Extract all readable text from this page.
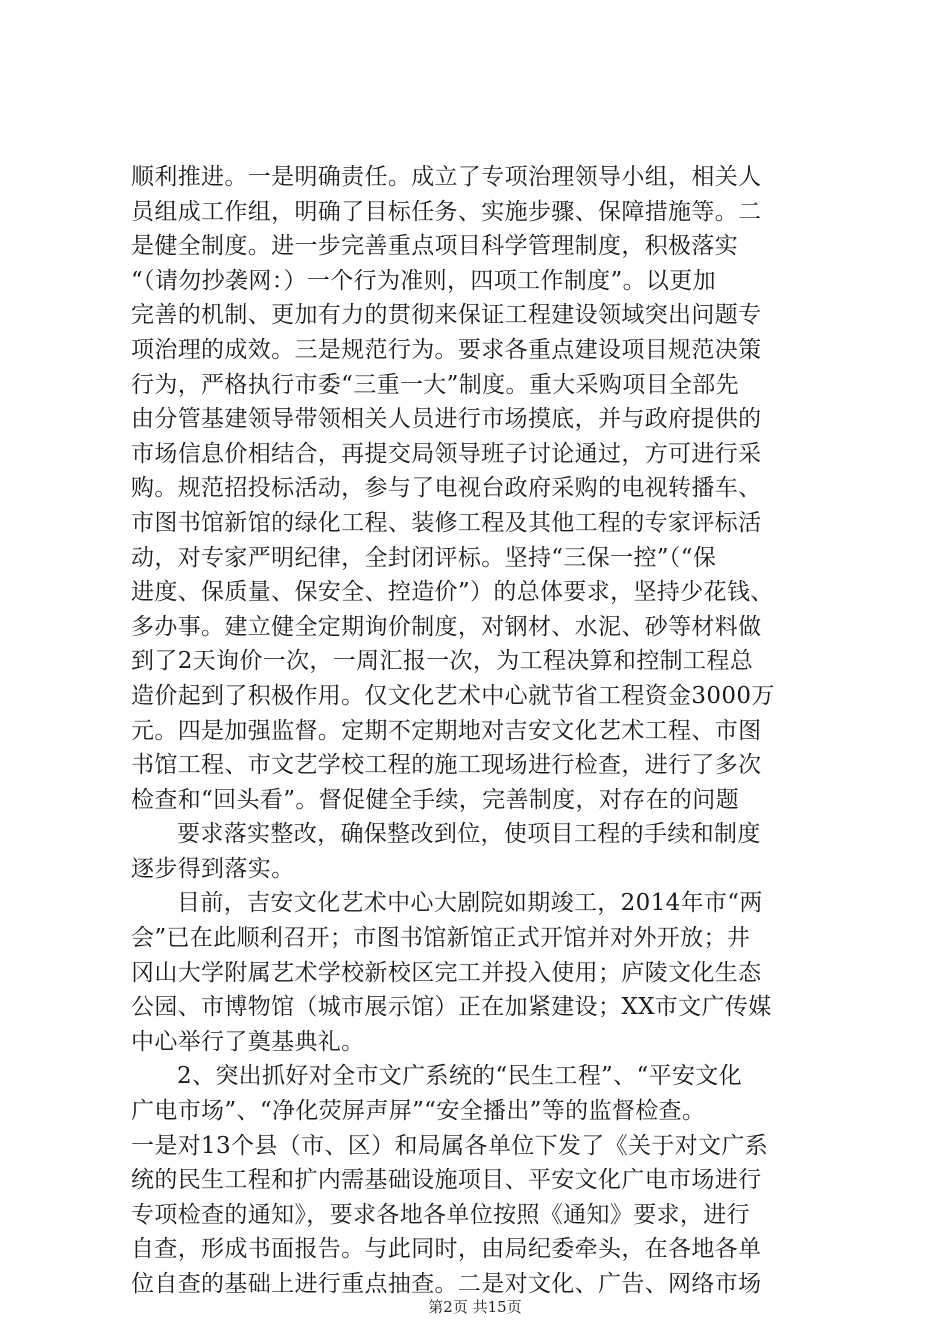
顺利推进。一是明确责任。成立了专项治理领导小组，相关人
员组成工作组，明确了目标任务、实施步骤、保障措施等。二
是健全制度。进一步完善重点项目科学管理制度，积极落实
“（请勿抄袭网：）一个行为准则，四项工作制度”。以更加
完善的机制、更加有力的贯彻来保证工程建设领域突出问题专
项治理的成效。三是规范行为。要求各重点建设项目规范决策
行为，严格执行市委“三重一大”制度。重大采购项目全部先
由分管基建领导带领相关人员进行市场摸底，并与政府提供的
市场信息价相结合，再提交局领导班子讨论通过，方可进行采
购。规范招投标活动，参与了电视台政府采购的电视转播车、
市图书馆新馆的绿化工程、装修工程及其他工程的专家评标活
动，对专家严明纪律，全封闭评标。坚持“三保一控”（“保
进度、保质量、保安全、控造价”）的总体要求，坚持少花钱、
多办事。建立健全定期询价制度，对钢材、水泥、砂等材料做
到了2天询价一次，一周汇报一次，为工程决算和控制工程总
造价起到了积极作用。仅文化艺术中心就节省工程资金3000万
元。四是加强监督。定期不定期地对吉安文化艺术工程、市图
书馆工程、市文艺学校工程的施工现场进行检查，进行了多次
检查和“回头看”。督促健全手续，完善制度，对存在的问题
要求落实整改，确保整改到位，使项目工程的手续和制度
逐步得到落实。
目前，吉安文化艺术中心大剧院如期竣工，2014年市“两
会”已在此顺利召开；市图书馆新馆正式开馆并对外开放；井
冈山大学附属艺术学校新校区完工并投入使用；庐陵文化生态
公园、市博物馆（城市展示馆）正在加紧建设；XX市文广传媒
中心举行了奠基典礼。
2、突出抓好对全市文广系统的“民生工程”、“平安文化
广电市场”、“净化荧屏声屏”“安全播出”等的监督检查。
一是对13个县（市、区）和局属各单位下发了《关于对文广系
统的民生工程和扩内需基础设施项目、平安文化广电市场进行
专项检查的通知》，要求各地各单位按照《通知》要求，进行
自查，形成书面报告。与此同时，由局纪委牵头，在各地各单
位自查的基础上进行重点抽查。二是对文化、广告、网络市场
第2页 共15页
